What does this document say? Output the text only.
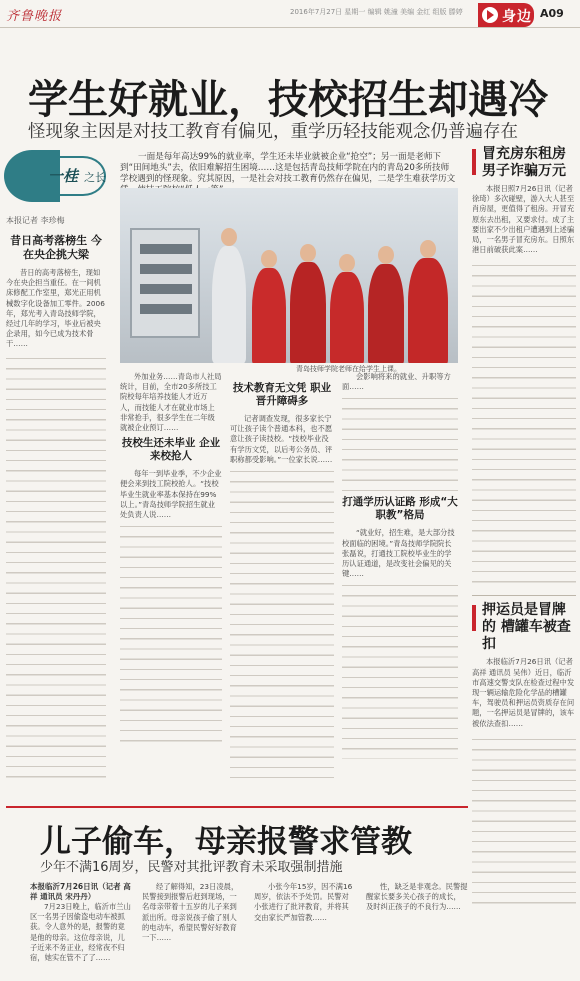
齐鲁晚报	2016年7月27日 星期一 编辑 姚潼 美编 金红 组版 滕婷	身边 A09
学生好就业，技校招生却遇冷
怪现象主因是对技工教育有偏见，重学历轻技能观念仍普遍存在
一桂 之长
一面是每年高达99%的就业率，学生还未毕业就被企业“抢空”；另一面是老师下到“田间地头”去，依旧难解招生困境……这是包括青岛技师学院在内的青岛20多所技师学校遇到的怪现象。究其原因，一是社会对技工教育仍然存在偏见，二是学生难获学历文
冒充房东租房 男子诈骗万元
本报日照7月26日讯（记者 徐琦）多次碰壁，游入大人甚至肖房屋，更值得了租房。开冒充原东去出租，又要求付。成了主要出家不少出租户遭遇到上述骗局，一名男子冒充房东。日照东港日前破获此案……
押运员是冒牌的 槽罐车被查扣
本报临沂7月26日讯（记者 高祥 通讯员 吴伟）近日，临沂市高速交警支队在检查过程中发现一辆运输危险化学品的槽罐车，驾驶员和押运员资质存在问题，一名押运员是冒牌的，该车被依法查扣……
本报记者 李珍梅
昔日高考落榜生 今在央企挑大梁
昔日的高考落榜生，现如今在央企担当重任。在一间机床修配工作室里，郑光正用机械数字化设备加工零件。2006年，郑光考入青岛技师学院，经过几年的学习，毕业后被央企录用，如今已成为技术骨干……
青岛技师学院老师在给学生上课。
外加业务……青岛市人社局统计，目前，全市20多所技工院校每年培养技能人才近万人，而技能人才在就业市场上非常抢手，很多学生在二年级就被企业预订……
技校生还未毕业 企业来校抢人
每年一到毕业季，不少企业便会来到技工院校抢人。“技校毕业生就业率基本保持在99%以上。”青岛技师学院招生就业处负责人说……
技术教育无文凭 职业晋升障碍多
记者调查发现，很多家长宁可让孩子读个普通本科，也不愿意让孩子读技校。“技校毕业没有学历文凭，以后考公务员、评职称都受影响。”一位家长说……
会影响将来的就业、升职等方面……
打通学历认证路 形成“大职教”格局
“就业好，招生难，是大部分技校面临的困境。”青岛技师学院院长张磊说，打通技工院校毕业生的学历认证通道，是改变社会偏见的关键……
儿子偷车，母亲报警求管教
少年不满16周岁，民警对其批评教育未采取强制措施
本报临沂7月26日讯（记者 高祥 通讯员 宋丹丹）
7月23日晚上，临沂市兰山区一名男子因偷盗电动车被抓获。令人意外的是，报警的竟是他的母亲。这位母亲说，儿子近来不务正业，经常夜不归宿，她实在管不了了……
经了解得知，23日凌晨，民警接到报警后赶到现场，一名母亲带着十五岁的儿子来到派出所。母亲说孩子偷了别人的电动车，希望民警好好教育一下……
小张今年15岁，因不满16周岁，依法不予处罚。民警对小张进行了批评教育，并将其交由家长严加管教……
性，缺乏是非观念。民警提醒家长要多关心孩子的成长，及时纠正孩子的不良行为……
